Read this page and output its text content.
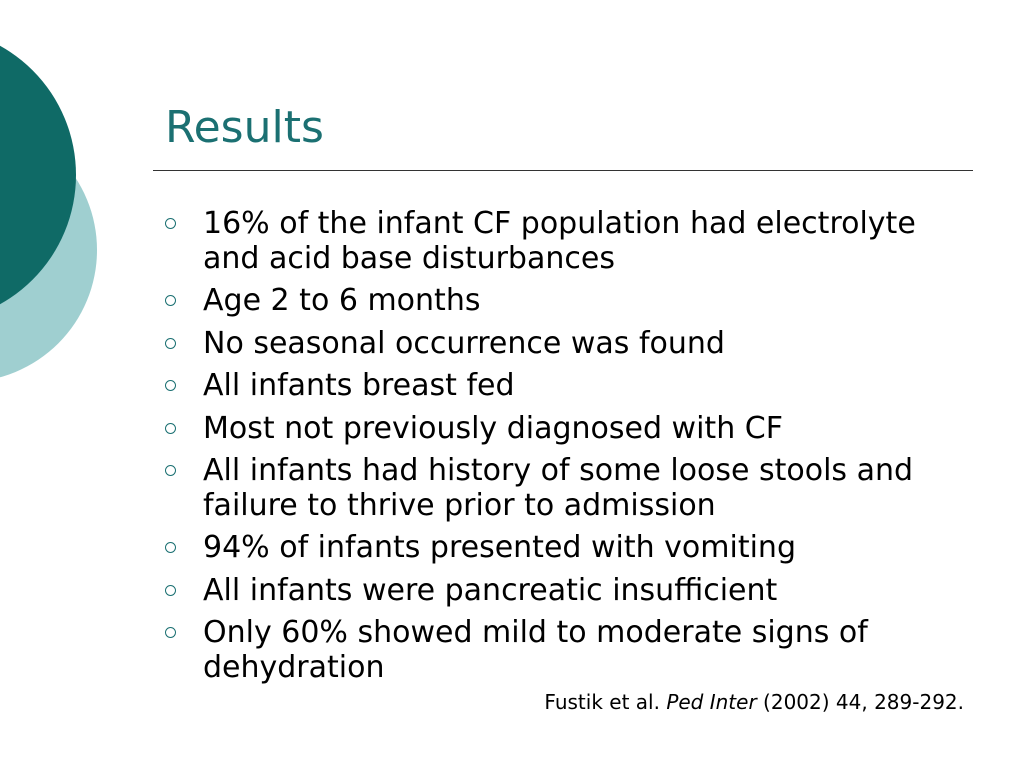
Results
16% of the infant CF population had electrolyte and acid base disturbances
Age 2 to 6 months
No seasonal occurrence was found
All infants breast fed
Most not previously diagnosed with CF
All infants had history of some loose stools and failure to thrive prior to admission
94% of infants presented with vomiting
All infants were pancreatic insufficient
Only 60% showed mild to moderate signs of dehydration
Fustik et al. Ped Inter (2002) 44, 289-292.
